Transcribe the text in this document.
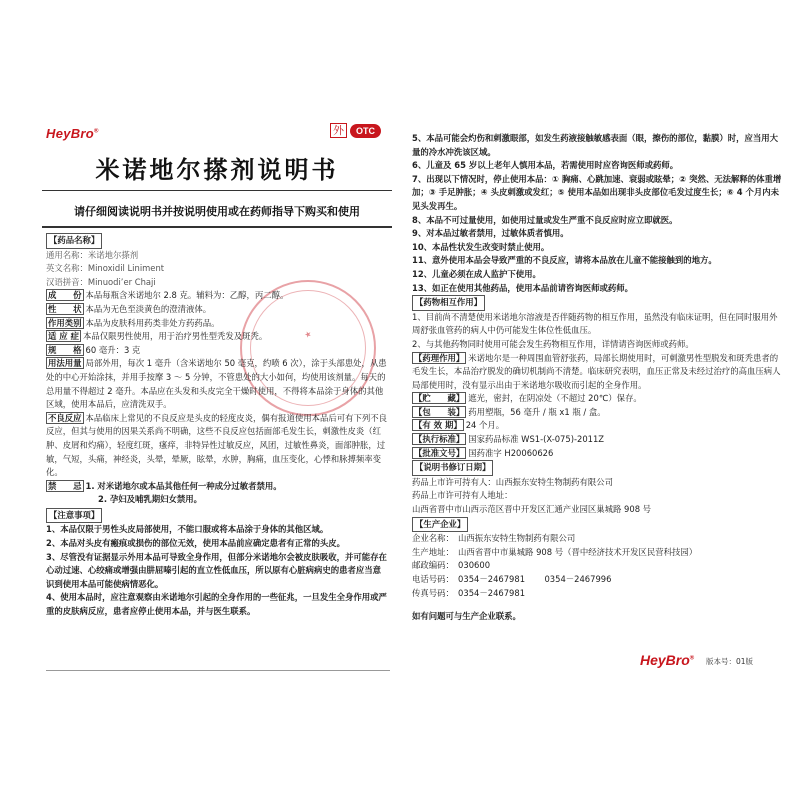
HeyBro®	外	OTC
米诺地尔搽剂说明书
请仔细阅读说明书并按说明使用或在药师指导下购买和使用
★

【药品名称】

通用名称：米诺地尔搽剂

英文名称：Minoxidil Liniment

汉语拼音：Minuodi’er Chaji

成　　份 本品每瓶含米诺地尔 2.8 克。辅料为：乙醇，丙二醇。

性　　状 本品为无色至淡黄色的澄清液体。

作用类别 本品为皮肤科用药类非处方药药品。

适 应 症 本品仅限男性使用，用于治疗男性型秃发及斑秃。

规　　格 60 毫升：3 克

用法用量 局部外用，每次 1 毫升（含米诺地尔 50 毫克，约喷 6 次），涂于头部患处，从患处的中心开始涂抹，并用手按摩 3 ～ 5 分钟，不管患处的大小如何，均使用该剂量。每天的总用量不得超过 2 毫升。本品应在头发和头皮完全干燥时使用，不得将本品涂于身体的其他区域，使用本品后，应清洗双手。

不良反应 本品临床上常见的不良反应是头皮的轻度皮炎，偶有报道使用本品后可有下列不良反应，但其与使用的因果关系尚不明确，这些不良反应包括面部毛发生长，刺激性皮炎（红肿、皮屑和灼痛），轻度红斑，瘙痒，非特异性过敏反应，风团，过敏性鼻炎，面部肿胀，过敏，气短，头痛，神经炎，头晕，晕厥，眩晕，水肿，胸痛，血压变化，心悸和脉搏频率变化。

禁　　忌 1. 对米诺地尔或本品其他任何一种成分过敏者禁用。

2. 孕妇及哺乳期妇女禁用。

【注意事项】

1、本品仅限于男性头皮局部使用，不能口服或将本品涂于身体的其他区域。

2、本品对头皮有瘢痕或损伤的部位无效，使用本品前应确定患者有正常的头皮。

3、尽管没有证据显示外用本品可导致全身作用，但部分米诺地尔会被皮肤吸收，并可能存在心动过速、心绞痛或增强由肼屈嗪引起的直立性低血压，所以原有心脏病病史的患者应当意识到使用本品可能使病情恶化。

4、使用本品时，应注意观察由米诺地尔引起的全身作用的一些征兆，一旦发生全身作用或严重的皮肤病反应，患者应停止使用本品，并与医生联系。

5、本品可能会灼伤和刺激眼部，如发生药液接触敏感表面（眼，擦伤的部位，黏膜）时，应当用大量的冷水冲洗该区域。

6、儿童及 65 岁以上老年人慎用本品，若需使用时应咨询医师或药师。

7、出现以下情况时，停止使用本品：① 胸痛、心跳加速、衰弱或眩晕；② 突然、无法解释的体重增加；③ 手足肿胀；④ 头皮刺激或发红；⑤ 使用本品如出现非头皮部位毛发过度生长；⑥ 4 个月内未见头发再生。

8、本品不可过量使用，如使用过量或发生严重不良反应时应立即就医。

9、对本品过敏者禁用，过敏体质者慎用。

10、本品性状发生改变时禁止使用。

11、意外使用本品会导致严重的不良反应，请将本品放在儿童不能接触到的地方。

12、儿童必须在成人监护下使用。

13、如正在使用其他药品，使用本品前请咨询医师或药师。

【药物相互作用】

1、目前尚不清楚使用米诺地尔溶液是否伴随药物的相互作用，虽然没有临床证明，但在同时服用外周舒张血管药的病人中仍可能发生体位性低血压。

2、与其他药物同时使用可能会发生药物相互作用，详情请咨询医师或药师。

【药理作用】 米诺地尔是一种周围血管舒张药，局部长期使用时，可刺激男性型脱发和斑秃患者的毛发生长，本品治疗脱发的确切机制尚不清楚。临床研究表明，血压正常及未经过治疗的高血压病人局部使用时，没有显示出由于米诺地尔吸收而引起的全身作用。

【贮　　藏】 遮光，密封，在阴凉处（不超过 20℃）保存。

【包　　装】 药用塑瓶，56 毫升 / 瓶 x1 瓶 / 盒。

【有 效 期】 24 个月。

【执行标准】 国家药品标准 WS1-(X-075)-2011Z

【批准文号】 国药准字 H20060626

【说明书修订日期】

药品上市许可持有人：山西振东安特生物制药有限公司

药品上市许可持有人地址：

山西省晋中市山西示范区晋中开发区汇通产业园区巢城路 908 号

【生产企业】

企业名称：　山西振东安特生物制药有限公司

生产地址：　山西省晋中市巢城路 908 号（晋中经济技术开发区民营科技园）

邮政编码：　030600

电话号码：　0354－2467981　　 0354－2467996

传真号码：　0354－2467981

如有问题可与生产企业联系。

HeyBro® 版本号：01版
